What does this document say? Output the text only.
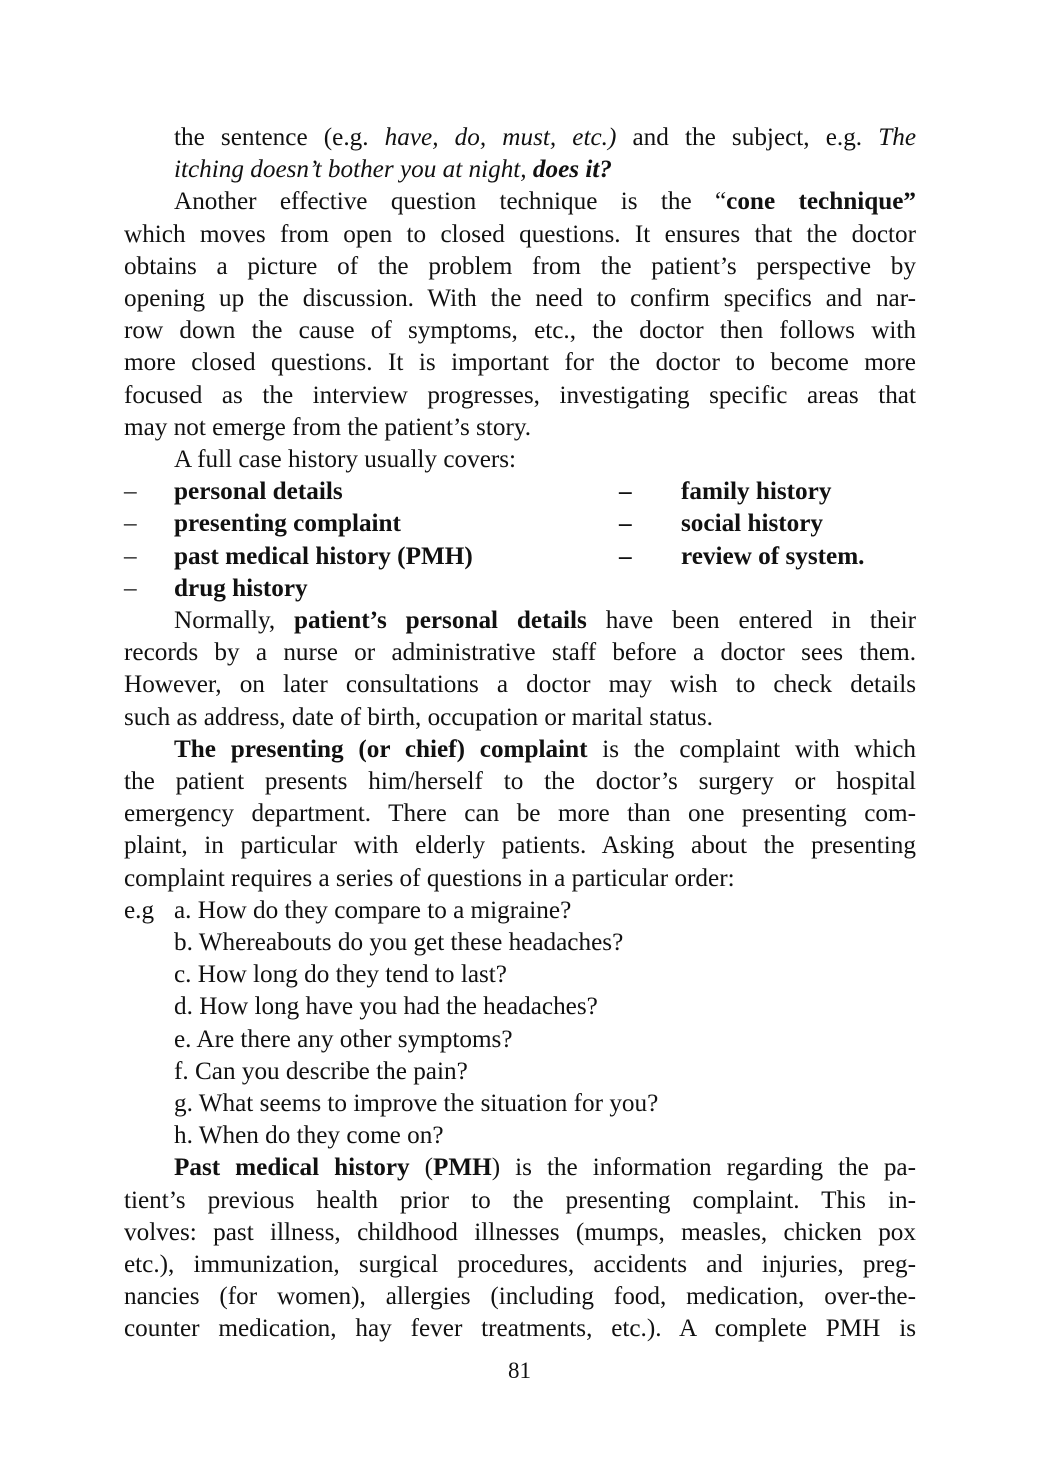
the sentence (e.g. have, do, must, etc.) and the subject, e.g. The
itching doesn’t bother you at night, does it?
Another effective question technique is the “cone technique”
which moves from open to closed questions. It ensures that the doctor
obtains a picture of the problem from the patient’s perspective by
opening up the discussion. With the need to confirm specifics and nar-
row down the cause of symptoms, etc., the doctor then follows with
more closed questions. It is important for the doctor to become more
focused as the interview progresses, investigating specific areas that
may not emerge from the patient’s story.
A full case history usually covers:
– personal details	– family history
– presenting complaint	– social history
– past medical history (PMH)	– review of system.
– drug history
Normally, patient’s personal details have been entered in their
records by a nurse or administrative staff before a doctor sees them.
However, on later consultations a doctor may wish to check details
such as address, date of birth, occupation or marital status.
The presenting (or chief) complaint is the complaint with which
the patient presents him/herself to the doctor’s surgery or hospital
emergency department. There can be more than one presenting com-
plaint, in particular with elderly patients. Asking about the presenting
complaint requires a series of questions in a particular order:
e.g a. How do they compare to a migraine?
b. Whereabouts do you get these headaches?
c. How long do they tend to last?
d. How long have you had the headaches?
e. Are there any other symptoms?
f. Can you describe the pain?
g. What seems to improve the situation for you?
h. When do they come on?
Past medical history (PMH) is the information regarding the pa-
tient’s previous health prior to the presenting complaint. This in-
volves: past illness, childhood illnesses (mumps, measles, chicken pox
etc.), immunization, surgical procedures, accidents and injuries, preg-
nancies (for women), allergies (including food, medication, over-the-
counter medication, hay fever treatments, etc.). A complete PMH is
81
